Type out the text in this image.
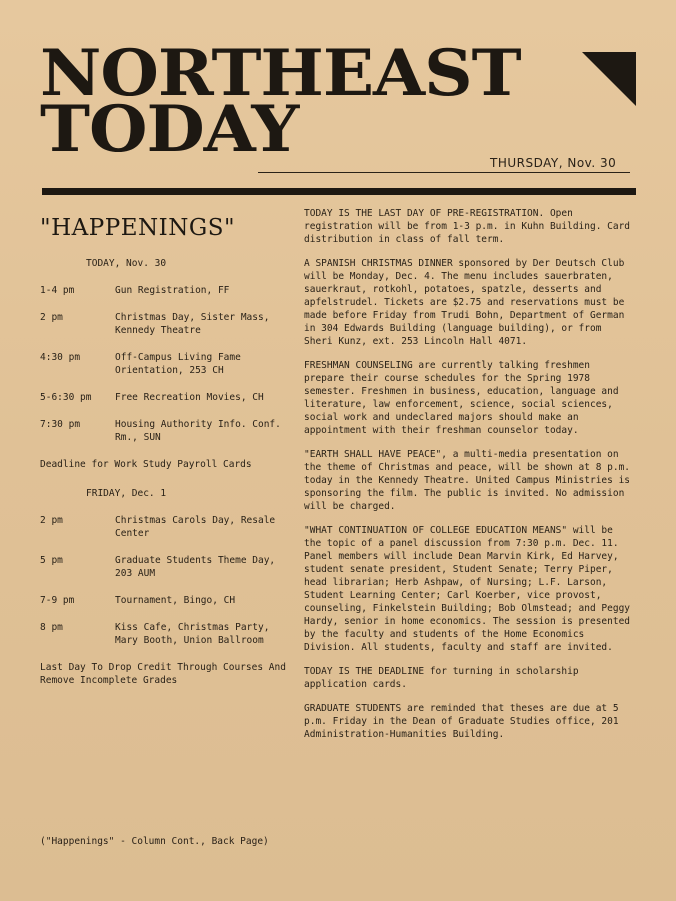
NORTHEAST
TODAY	THURSDAY, Nov. 30
"HAPPENINGS"
TODAY, Nov. 30
1-4 pm	Gun Registration, FF
2 pm	Christmas Day, Sister Mass, Kennedy Theatre
4:30 pm	Off-Campus Living Fame Orientation, 253 CH
5-6:30 pm	Free Recreation Movies, CH
7:30 pm	Housing Authority Info. Conf. Rm., SUN
Deadline for Work Study Payroll Cards
FRIDAY, Dec. 1
2 pm	Christmas Carols Day, Resale Center
5 pm	Graduate Students Theme Day, 203 AUM
7-9 pm	Tournament, Bingo, CH
8 pm	Kiss Cafe, Christmas Party, Mary Booth, Union Ballroom
Last Day To Drop Credit Through Courses And Remove Incomplete Grades
("Happenings" - Column Cont., Back Page)

TODAY IS THE LAST DAY OF PRE-REGISTRATION. Open registration will be from 1-3 p.m. in Kuhn Building. Card distribution in class of fall term.

A SPANISH CHRISTMAS DINNER sponsored by Der Deutsch Club will be Monday, Dec. 4. The menu includes sauerbraten, sauerkraut, rotkohl, potatoes, spatzle, desserts and apfelstrudel. Tickets are $2.75 and reservations must be made before Friday from Trudi Bohn, Department of German in 304 Edwards Building (language building), or from Sheri Kunz, ext. 253 Lincoln Hall 4071.

FRESHMAN COUNSELING are currently talking freshmen prepare their course schedules for the Spring 1978 semester. Freshmen in business, education, language and literature, law enforcement, science, social sciences, social work and undeclared majors should make an appointment with their freshman counselor today.

"EARTH SHALL HAVE PEACE", a multi-media presentation on the theme of Christmas and peace, will be shown at 8 p.m. today in the Kennedy Theatre. United Campus Ministries is sponsoring the film. The public is invited. No admission will be charged.

"WHAT CONTINUATION OF COLLEGE EDUCATION MEANS" will be the topic of a panel discussion from 7:30 p.m. Dec. 11. Panel members will include Dean Marvin Kirk, Ed Harvey, student senate president, Student Senate; Terry Piper, head librarian; Herb Ashpaw, of Nursing; L.F. Larson, Student Learning Center; Carl Koerber, vice provost, counseling, Finkelstein Building; Bob Olmstead; and Peggy Hardy, senior in home economics. The session is presented by the faculty and students of the Home Economics Division. All students, faculty and staff are invited.

TODAY IS THE DEADLINE for turning in scholarship application cards.

GRADUATE STUDENTS are reminded that theses are due at 5 p.m. Friday in the Dean of Graduate Studies office, 201 Administration-Humanities Building.
